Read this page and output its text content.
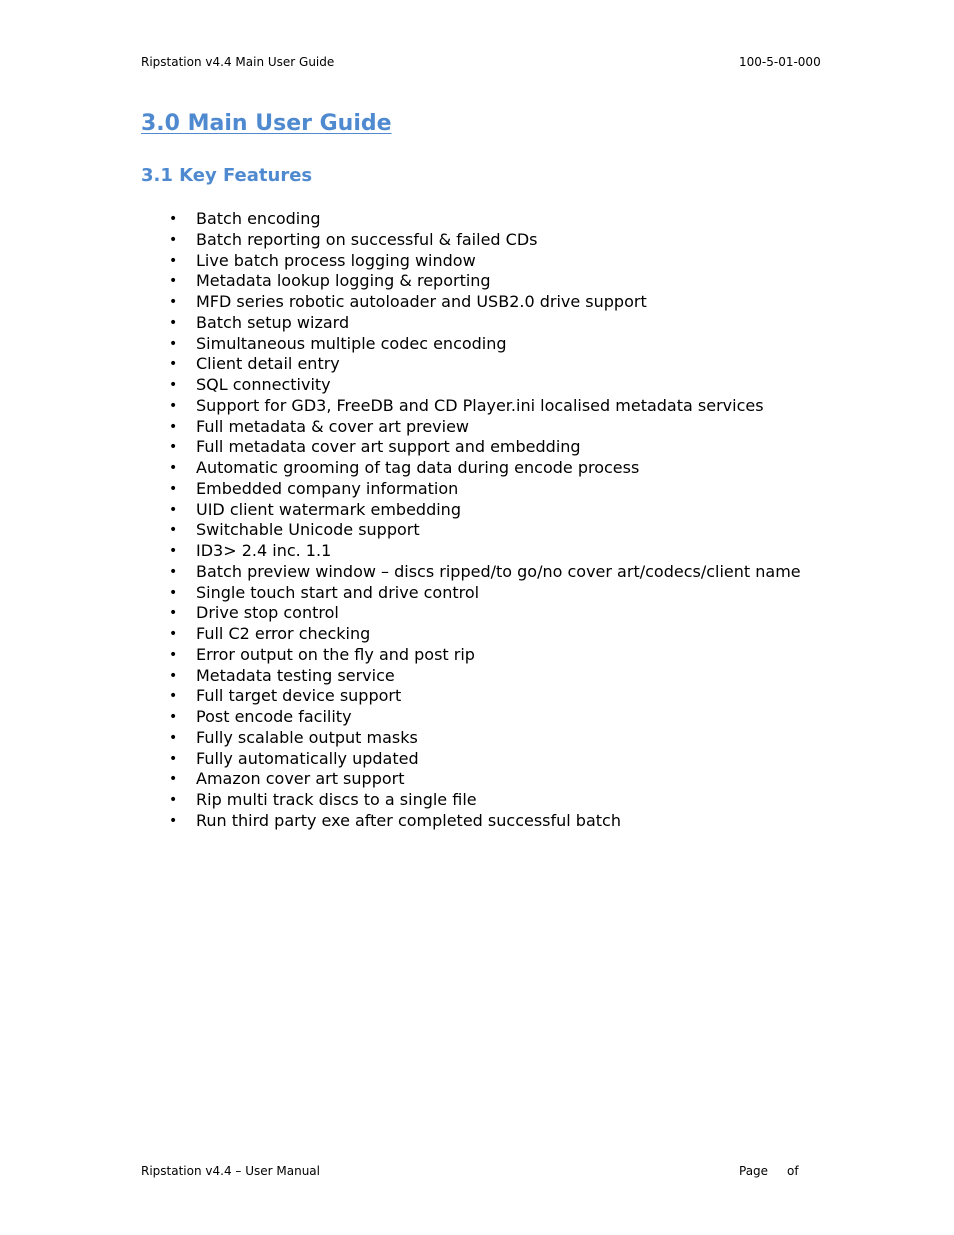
Ripstation v4.4 Main User Guide	100-5-01-000
3.0 Main User Guide
3.1 Key Features
• Batch encoding
• Batch reporting on successful & failed CDs
• Live batch process logging window
• Metadata lookup logging & reporting
• MFD series robotic autoloader and USB2.0 drive support
• Batch setup wizard
• Simultaneous multiple codec encoding
• Client detail entry
• SQL connectivity
• Support for GD3, FreeDB and CD Player.ini localised metadata services
• Full metadata & cover art preview
• Full metadata cover art support and embedding
• Automatic grooming of tag data during encode process
• Embedded company information
• UID client watermark embedding
• Switchable Unicode support
• ID3> 2.4 inc. 1.1
• Batch preview window – discs ripped/to go/no cover art/codecs/client name
• Single touch start and drive control
• Drive stop control
• Full C2 error checking
• Error output on the fly and post rip
• Metadata testing service
• Full target device support
• Post encode facility
• Fully scalable output masks
• Fully automatically updated
• Amazon cover art support
• Rip multi track discs to a single file
• Run third party exe after completed successful batch
Ripstation v4.4 – User Manual	Page of
